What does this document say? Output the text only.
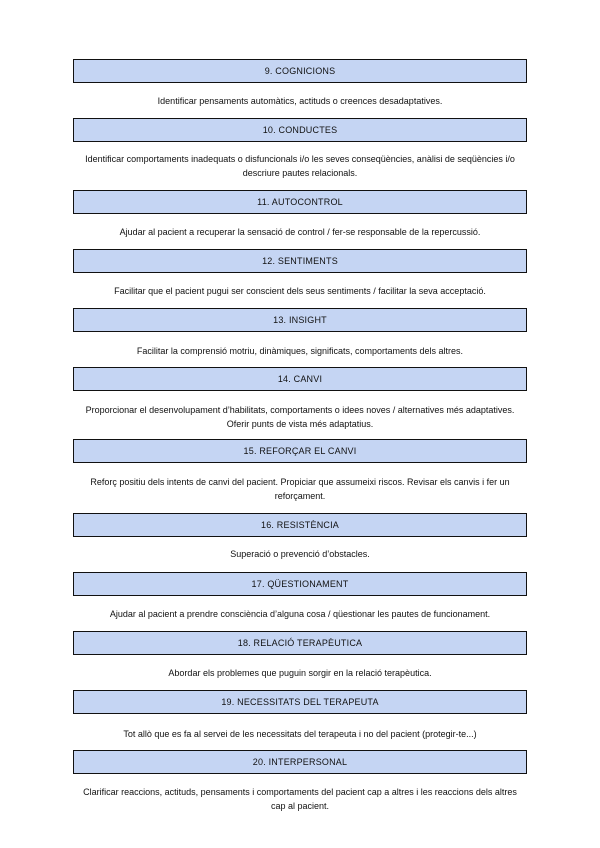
9. COGNICIONS
Identificar pensaments automàtics, actituds o creences desadaptatives.
10. CONDUCTES
Identificar comportaments inadequats o disfuncionals i/o les seves conseqüències, anàlisi de seqüències i/o descriure pautes relacionals.
11. AUTOCONTROL
Ajudar al pacient a recuperar la sensació de control / fer-se responsable de la repercussió.
12. SENTIMENTS
Facilitar que el pacient pugui ser conscient dels seus sentiments / facilitar la seva acceptació.
13. INSIGHT
Facilitar la comprensió motriu, dinàmiques, significats, comportaments dels altres.
14. CANVI
Proporcionar el desenvolupament d’habilitats, comportaments o idees noves / alternatives més adaptatives. Oferir punts de vista més adaptatius.
15. REFORÇAR EL CANVI
Reforç positiu dels intents de canvi del pacient. Propiciar que assumeixi riscos. Revisar els canvis i fer un reforçament.
16. RESISTÈNCIA
Superació o prevenció d’obstacles.
17. QÜESTIONAMENT
Ajudar al pacient a prendre consciència d’alguna cosa / qüestionar les pautes de funcionament.
18. RELACIÓ TERAPÈUTICA
Abordar els problemes que puguin sorgir en la relació terapèutica.
19. NECESSITATS DEL TERAPEUTA
Tot allò que es fa al servei de les necessitats del terapeuta i no del pacient (protegir-te...)
20. INTERPERSONAL
Clarificar reaccions, actituds, pensaments i comportaments del pacient cap a altres i les reaccions dels altres cap al pacient.
